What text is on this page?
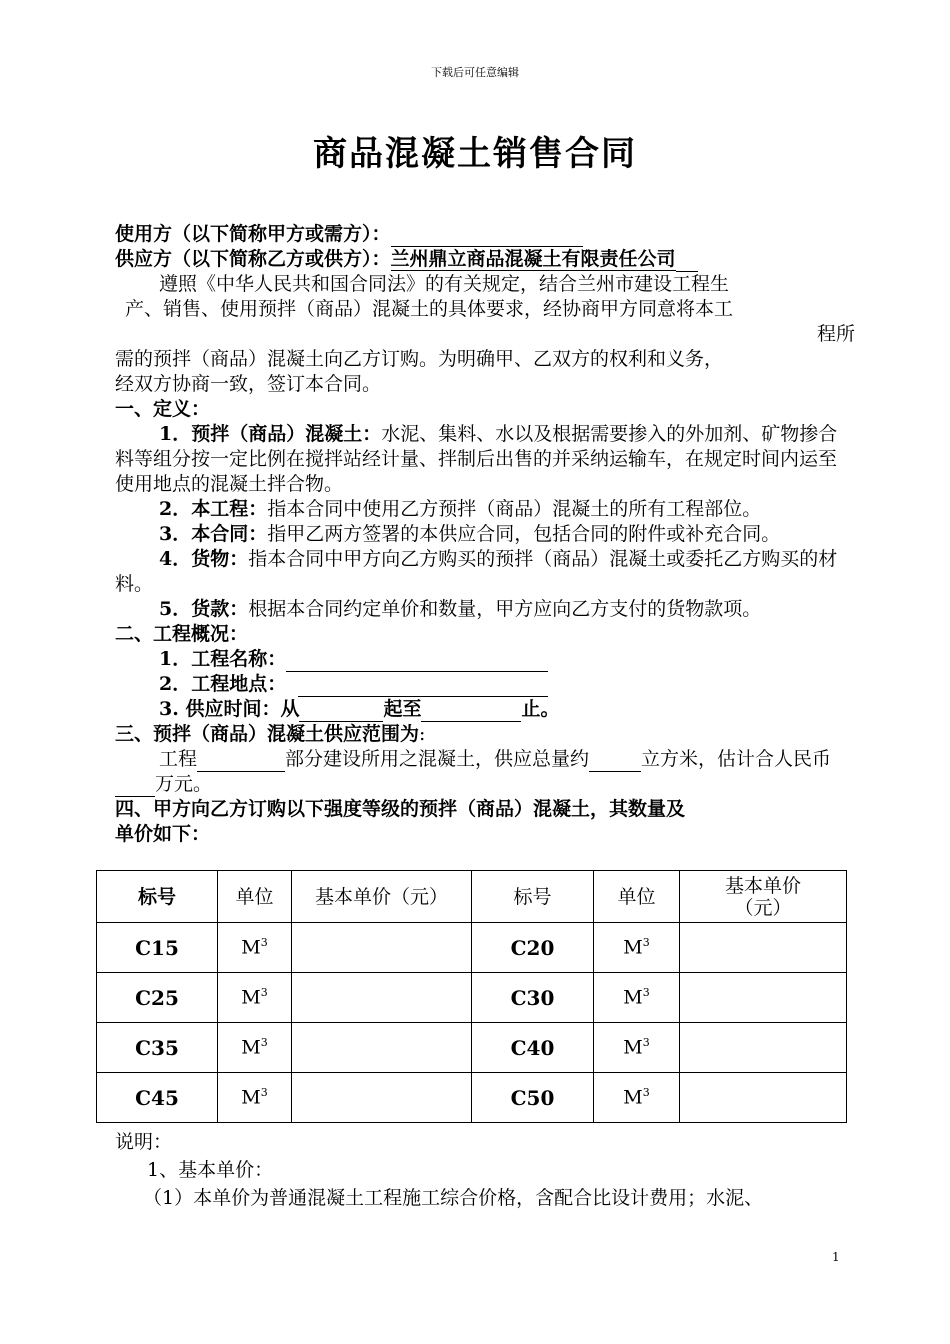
下载后可任意编辑
商品混凝土销售合同

使用方（以下简称甲方或需方）：

供应方（以下简称乙方或供方）：兰州鼎立商品混凝土有限责任公司

遵照《中华人民共和国合同法》的有关规定，结合兰州市建设工程生

产、销售、使用预拌（商品）混凝土的具体要求，经协商甲方同意将本工

程所

需的预拌（商品）混凝土向乙方订购。为明确甲、乙双方的权利和义务，

经双方协商一致，签订本合同。

一、定义：

1．预拌（商品）混凝土：水泥、集料、水以及根据需要掺入的外加剂、矿物掺合料等组分按一定比例在搅拌站经计量、拌制后出售的并采纳运输车，在规定时间内运至使用地点的混凝土拌合物。

2．本工程：指本合同中使用乙方预拌（商品）混凝土的所有工程部位。

3．本合同：指甲乙两方签署的本供应合同，包括合同的附件或补充合同。

4．货物：指本合同中甲方向乙方购买的预拌（商品）混凝土或委托乙方购买的材料。

5．货款：根据本合同约定单价和数量，甲方应向乙方支付的货物款项。

二、工程概况：

1．工程名称：

2．工程地点：

3. 供应时间：从	起至	止。

三、预拌（商品）混凝土供应范围为:

工程	部分建设所用之混凝土，供应总量约	立方米，估计合人民币万元。

四、甲方向乙方订购以下强度等级的预拌（商品）混凝土，其数量及

单价如下：

标号	单位	基本单价（元）	标号	单位	基本单价
（元）

C15	$M^3$		C20	$M^3$	
C25	$M^3$		C30	$M^3$	
C35	$M^3$		C40	$M^3$	
C45	$M^3$		C50	$M^3$	

说明：

1、基本单价：

（1）本单价为普通混凝土工程施工综合价格，含配合比设计费用；水泥、

1
